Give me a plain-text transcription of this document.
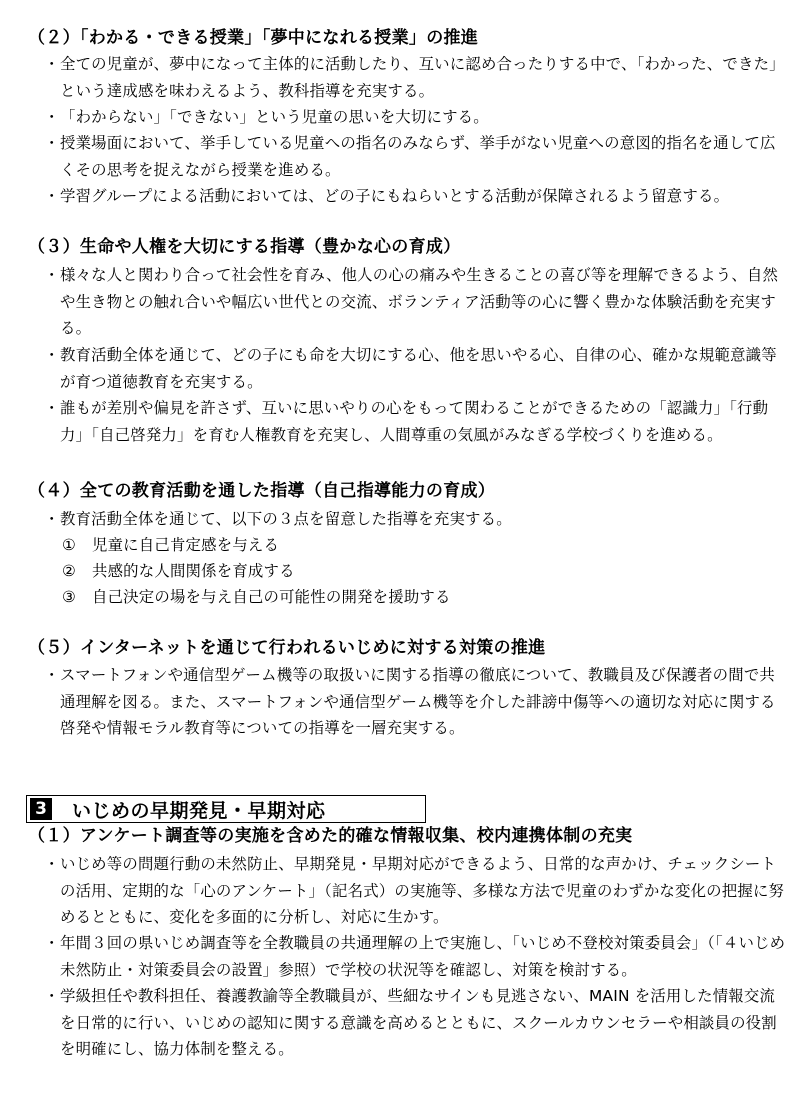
（２）「わかる・できる授業」「夢中になれる授業」の推進
・ 全ての児童が、夢中になって主体的に活動したり、互いに認め合ったりする中で、「わかった、できた」という達成感を味わえるよう、教科指導を充実する。
・ 「わからない」「できない」という児童の思いを大切にする。
・ 授業場面において、挙手している児童への指名のみならず、挙手がない児童への意図的指名を通して広くその思考を捉えながら授業を進める。
・ 学習グループによる活動においては、どの子にもねらいとする活動が保障されるよう留意する。
（３）生命や人権を大切にする指導（豊かな心の育成）
・ 様々な人と関わり合って社会性を育み、他人の心の痛みや生きることの喜び等を理解できるよう、自然や生き物との触れ合いや幅広い世代との交流、ボランティア活動等の心に響く豊かな体験活動を充実する。
・ 教育活動全体を通じて、どの子にも命を大切にする心、他を思いやる心、自律の心、確かな規範意識等が育つ道徳教育を充実する。
・ 誰もが差別や偏見を許さず、互いに思いやりの心をもって関わることができるための「認識力」「行動力」「自己啓発力」を育む人権教育を充実し、人間尊重の気風がみなぎる学校づくりを進める。
（４）全ての教育活動を通した指導（自己指導能力の育成）
・ 教育活動全体を通じて、以下の３点を留意した指導を充実する。
① 児童に自己肯定感を与える
② 共感的な人間関係を育成する
③ 自己決定の場を与え自己の可能性の開発を援助する
（５）インターネットを通じて行われるいじめに対する対策の推進
・ スマートフォンや通信型ゲーム機等の取扱いに関する指導の徹底について、教職員及び保護者の間で共通理解を図る。また、スマートフォンや通信型ゲーム機等を介した誹謗中傷等への適切な対応に関する啓発や情報モラル教育等についての指導を一層充実する。
3 いじめの早期発見・早期対応
（１）アンケート調査等の実施を含めた的確な情報収集、校内連携体制の充実
・ いじめ等の問題行動の未然防止、早期発見・早期対応ができるよう、日常的な声かけ、チェックシートの活用、定期的な「心のアンケート」（記名式）の実施等、多様な方法で児童のわずかな変化の把握に努めるとともに、変化を多面的に分析し、対応に生かす。
・ 年間３回の県いじめ調査等を全教職員の共通理解の上で実施し、「いじめ不登校対策委員会」（「４いじめ未然防止・対策委員会の設置」参照）で学校の状況等を確認し、対策を検討する。
・ 学級担任や教科担任、養護教諭等全教職員が、些細なサインも見逃さない、MAIN を活用した情報交流を日常的に行い、いじめの認知に関する意識を高めるとともに、スクールカウンセラーや相談員の役割を明確にし、協力体制を整える。
